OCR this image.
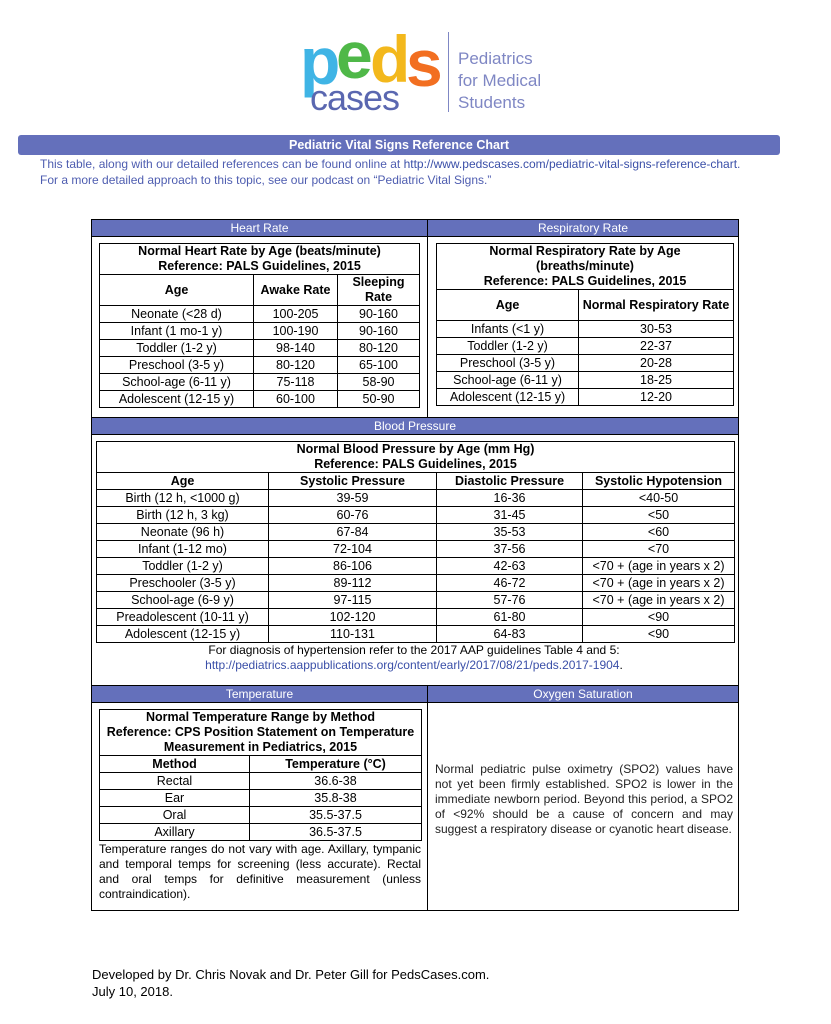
p
e d
s
cases
Pediatrics
for Medical
Students
Pediatric Vital Signs Reference Chart
This table, along with our detailed references can be found online at http://www.pedscases.com/pediatric-vital-signs-reference-chart. For a more detailed approach to this topic, see our podcast on “Pediatric Vital Signs.”
Heart Rate	Respiratory Rate
Blood Pressure
Temperature	Oxygen Saturation
Normal Heart Rate by Age (beats/minute)
Reference: PALS Guidelines, 2015		

Age	Awake Rate	Sleeping Rate
Neonate (<28 d)	100-205	90-160
Infant (1 mo-1 y)	100-190	90-160
Toddler (1-2 y)	98-140	80-120
Preschool (3-5 y)	80-120	65-100
School-age (6-11 y)	75-118	58-90
Adolescent (12-15 y)	60-100	50-90
Normal Respiratory Rate by Age (breaths/minute)
Reference: PALS Guidelines, 2015	

Age	Normal Respiratory Rate
Infants (<1 y)	30-53
Toddler (1-2 y)	22-37
Preschool (3-5 y)	20-28
School-age (6-11 y)	18-25
Adolescent (12-15 y)	12-20
Normal Blood Pressure by Age (mm Hg)
Reference: PALS Guidelines, 2015			

Age	Systolic Pressure	Diastolic Pressure	Systolic Hypotension
Birth (12 h, <1000 g)	39-59	16-36	<40-50
Birth (12 h, 3 kg)	60-76	31-45	<50
Neonate (96 h)	67-84	35-53	<60
Infant (1-12 mo)	72-104	37-56	<70
Toddler (1-2 y)	86-106	42-63	<70 + (age in years x 2)
Preschooler (3-5 y)	89-112	46-72	<70 + (age in years x 2)
School-age (6-9 y)	97-115	57-76	<70 + (age in years x 2)
Preadolescent (10-11 y)	102-120	61-80	<90
Adolescent (12-15 y)	110-131	64-83	<90
For diagnosis of hypertension refer to the 2017 AAP guidelines Table 4 and 5:
http://pediatrics.aappublications.org/content/early/2017/08/21/peds.2017-1904.
Normal Temperature Range by Method
Reference: CPS Position Statement on Temperature Measurement in Pediatrics, 2015	

Method	Temperature (°C)
Rectal	36.6-38
Ear	35.8-38
Oral	35.5-37.5
Axillary	36.5-37.5
Temperature ranges do not vary with age. Axillary, tympanic and temporal temps for screening (less accurate). Rectal and oral temps for definitive measurement (unless contraindication).
Normal pediatric pulse oximetry (SPO2) values have not yet been firmly established. SPO2 is lower in the immediate newborn period. Beyond this period, a SPO2 of <92% should be a cause of concern and may suggest a respiratory disease or cyanotic heart disease.
Developed by Dr. Chris Novak and Dr. Peter Gill for PedsCases.com.
July 10, 2018.
